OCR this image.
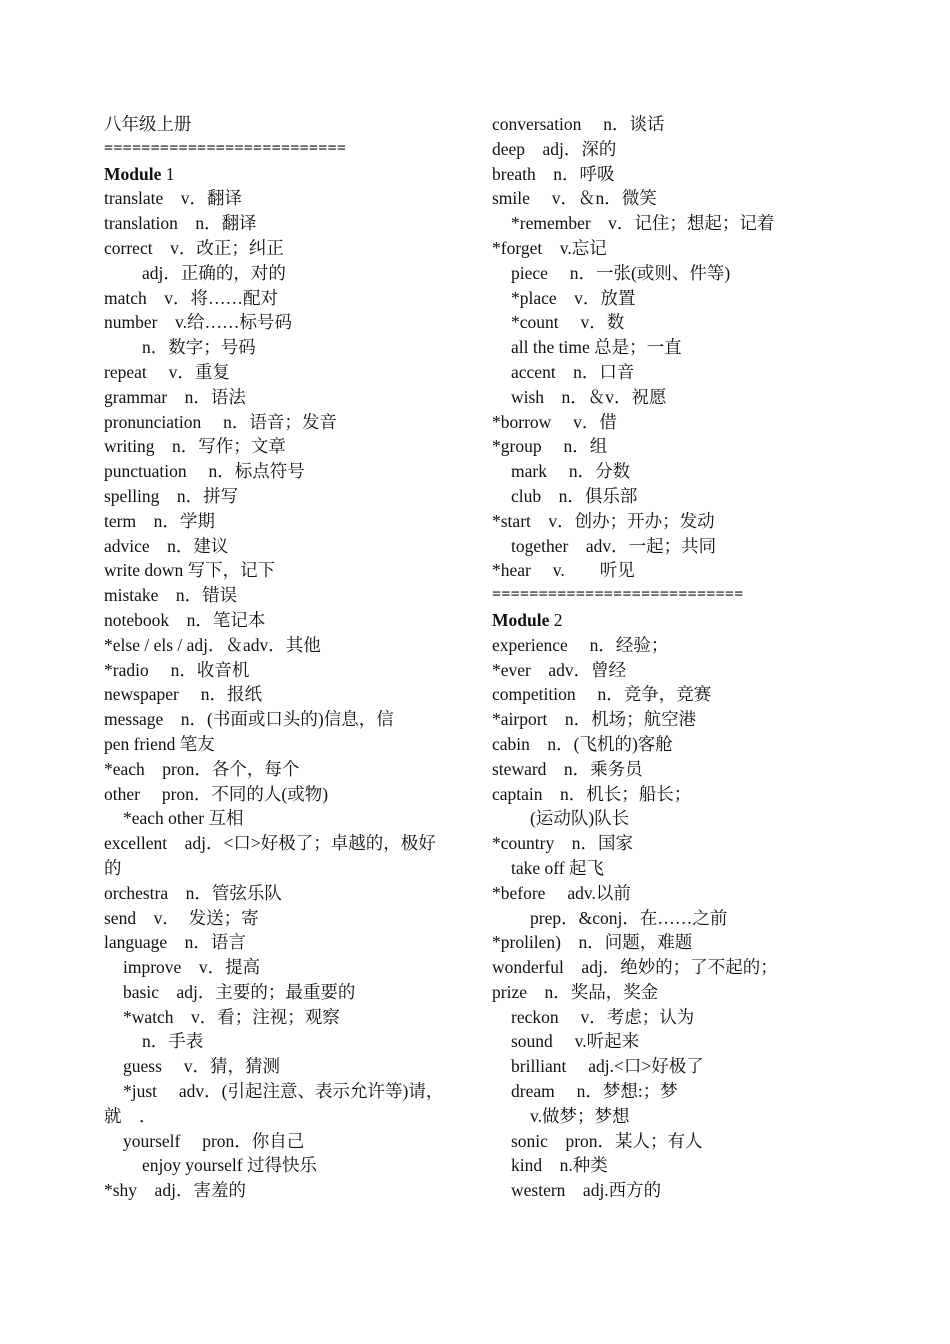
八年级上册
==========================
Module 1
translate　v．翻译
translation　n．翻译
correct　v．改正；纠正
adj．正确的，对的
match　v．将……配对
number　v.给……标号码
n．数字；号码
repeat　 v．重复
grammar　n．语法
pronunciation　 n．语音；发音
writing　n．写作；文章
punctuation　 n．标点符号
spelling　n．拼写
term　n．学期
advice　n．建议
write down 写下，记下
mistake　n．错误
notebook　n．笔记本
*else / els / adj．＆adv．其他
*radio　 n．收音机
newspaper　 n．报纸
message　n．(书面或口头的)信息，信
pen friend 笔友
*each　pron．各个，每个
other　 pron．不同的人(或物)
*each other 互相
excellent　adj．<口>好极了；卓越的，极好
的
orchestra　n．管弦乐队
send　v．　发送；寄
language　n．语言
improve　v．提高
basic　adj．主要的；最重要的
*watch　v．看；注视；观察
n．手表
guess　 v．猜，猜测
*just　 adv．(引起注意、表示允许等)请，
就　．
yourself　 pron．你自己
enjoy yourself 过得快乐
*shy　adj．害羞的
conversation　 n．谈话
deep　adj．深的
breath　n．呼吸
smile　 v．＆n．微笑
*remember　v．记住；想起；记着
*forget　v.忘记
piece　 n．一张(或则、件等)
*place　v．放置
*count　 v．数
all the time 总是；一直
accent　n．口音
wish　n．＆v．祝愿
*borrow　 v．借
*group　 n．组
mark　 n．分数
club　n．俱乐部
*start　v．创办；开办；发动
together　adv．一起；共同
*hear　 v.　　听见
===========================
Module 2
experience　 n．经验；
*ever　adv．曾经
competition　 n．竞争，竞赛
*airport　n．机场；航空港
cabin　n．(飞机的)客舱
steward　n．乘务员
captain　n．机长；船长；
(运动队)队长
*country　n．国家
take off 起飞
*before　 adv.以前
prep．&conj．在……之前
*prolilen)　n．问题，难题
wonderful　adj．绝妙的；了不起的；
prize　n．奖品，奖金
reckon　 v．考虑；认为
sound　 v.听起来
brilliant　 adj.<口>好极了
dream　 n．梦想:；梦
v.做梦；梦想
sonic　pron．某人；有人
kind　n.种类
western　adj.西方的
